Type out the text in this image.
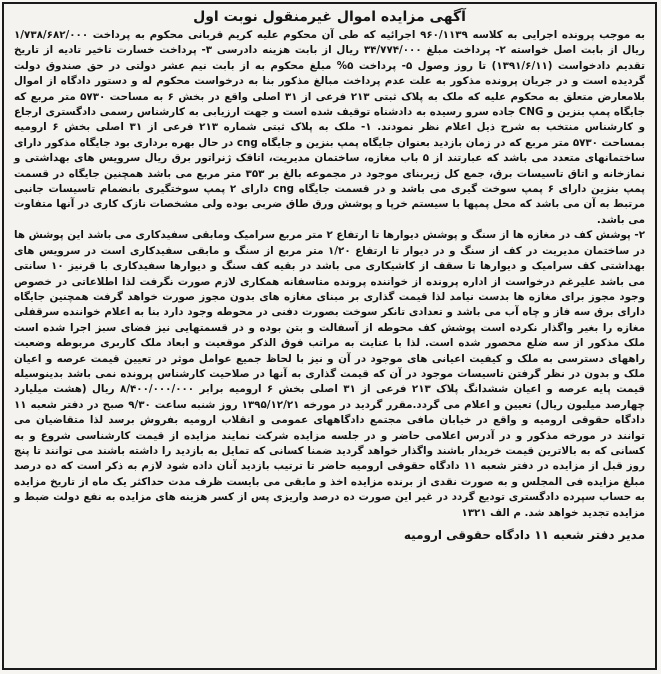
آگهی مزایده اموال غیرمنقول نوبت اول

به موجب پرونده اجرایی به کلاسه ۹۶۰/۱۱۳۹ اجرائیه که طی آن محکوم علیه کریم قربانی محکوم به پرداخت ۱/۷۳۸/۶۸۲/۰۰۰ ریال از بابت اصل خواسته ۲- پرداخت مبلغ ۳۴/۷۷۴/۰۰۰ ریال از بابت هزینه دادرسی ۳- پرداخت خسارت تاخیر تادیه از تاریخ تقدیم دادخواست (۱۳۹۱/۶/۱۱) تا روز وصول ۵- پرداخت ۵% مبلغ محکوم به از بابت نیم عشر دولتی در حق صندوق دولت گردیده است و در جریان پرونده مذکور به علت عدم پرداخت مبالغ مذکور بنا به درخواست محکوم له و دستور دادگاه از اموال بلامعارض متعلق به محکوم علیه که ملک به پلاک ثبتی ۲۱۳ فرعی از ۳۱ اصلی واقع در بخش ۶ به مساحت ۵۷۳۰ متر مربع که جایگاه پمپ بنزین و CNG جاده سرو رسیده به دادشناه توقیف شده است و جهت ارزیابی به کارشناس رسمی دادگستری ارجاع و کارشناس منتخب به شرح ذیل اعلام نظر نمودند. ۱- ملک به پلاک ثبتی شماره ۲۱۳ فرعی از ۳۱ اصلی بخش ۶ ارومیه بمساحت ۵۷۳۰ متر مربع که در زمان بازدید بعنوان جایگاه پمپ بنزین و جایگاه cng در حال بهره برداری بود جایگاه مذکور دارای ساختمانهای متعدد می باشد که عبارتند از ۵ باب مغازه، ساختمان مدیریت، اتاقک ژنراتور برق ریال سرویس های بهداشتی و نمازخانه و اتاق تاسیسات برق، جمع کل زیربنای موجود در مجموعه بالغ بر ۳۵۳ متر مربع می باشد همچنین جایگاه در قسمت پمپ بنزین دارای ۶ پمپ سوخت گیری می باشد و در قسمت جایگاه cng دارای ۲ پمپ سوختگیری بانضمام تاسیسات جانبی مرتبط به آن می باشد که محل پمپها با سیستم خرپا و پوشش ورق طاق ضربی بوده ولی مشخصات نازک کاری در آنها متفاوت می باشد.

۲- پوشش کف در مغازه ها از سنگ و پوشش دیوارها تا ارتفاع ۲ متر مربع سرامیک ومابقی سفیدکاری می باشد این پوشش ها در ساختمان مدیریت در کف از سنگ و در دیوار تا ارتفاع ۱/۲۰ متر مربع از سنگ و مابقی سفیدکاری است در سرویس های بهداشتی کف سرامیک و دیوارها تا سقف از کاشیکاری می باشد در بقیه کف سنگ و دیوارها سفیدکاری با قرنیز ۱۰ سانتی می باشد علیرغم درخواست از اداره پرونده از خواننده پرونده متاسفانه همکاری لازم صورت نگرفت لذا اطلاعاتی در خصوص وجود مجوز برای مغازه ها بدست نیامد لذا قیمت گذاری بر مبنای مغازه های بدون مجوز صورت خواهد گرفت همچنین جایگاه دارای برق سه فاز و چاه آب می باشد و تعدادی تانکر سوخت بصورت دفنی در محوطه وجود دارد بنا به اعلام خواننده سرقفلی مغازه را بغیر واگذار نکرده است پوشش کف محوطه از آسفالت و بتن بوده و در قسمتهایی نیز فضای سبز اجرا شده است ملک مذکور از سه ضلع محصور شده است. لذا با عنایت به مراتب فوق الذکر موقعیت و ابعاد ملک کاربری مربوطه وضعیت راههای دسترسی به ملک و کیفیت اعیانی های موجود در آن و نیز با لحاظ جمیع عوامل موثر در تعیین قیمت عرصه و اعیان ملک و بدون در نظر گرفتن تاسیسات موجود در آن که قیمت گذاری به آنها در صلاحیت کارشناس پرونده نمی باشد بدینوسیله قیمت پایه عرصه و اعیان ششدانگ پلاک ۲۱۳ فرعی از ۳۱ اصلی بخش ۶ ارومیه برابر ۸/۴۰۰/۰۰۰/۰۰۰ ریال (هشت میلیارد چهارصد میلیون ریال) تعیین و اعلام می گردد.مقرر گردید در مورخه ۱۳۹۵/۱۲/۲۱ روز شنبه ساعت ۹/۳۰ صبح در دفتر شعبه ۱۱ دادگاه حقوقی ارومیه و واقع در خیابان مافی مجتمع دادگاههای عمومی و انقلاب ارومیه بفروش برسد لذا متقاضیان می توانند در مورخه مذکور و در آدرس اعلامی حاضر و در جلسه مزایده شرکت نمایند مزایده از قیمت کارشناسی شروع و به کسانی که به بالاترین قیمت خریدار باشند واگذار خواهد گردید ضمنا کسانی که تمایل به بازدید را داشته باشند می توانند تا پنج روز قبل از مزایده در دفتر شعبه ۱۱ دادگاه حقوقی ارومیه حاضر تا ترتیب بازدید آنان داده شود لازم به ذکر است که ده درصد مبلغ مزایده فی المجلس و به صورت نقدی از برنده مزایده اخذ و مابقی می بایست ظرف مدت حداکثر یک ماه از تاریخ مزایده به حساب سپرده دادگستری تودیع گردد در غیر این صورت ده درصد واریزی پس از کسر هزینه های مزایده به نفع دولت ضبط و مزایده تجدید خواهد شد. م الف ۱۳۲۱

مدیر دفتر شعبه ۱۱ دادگاه حقوقی ارومیه
